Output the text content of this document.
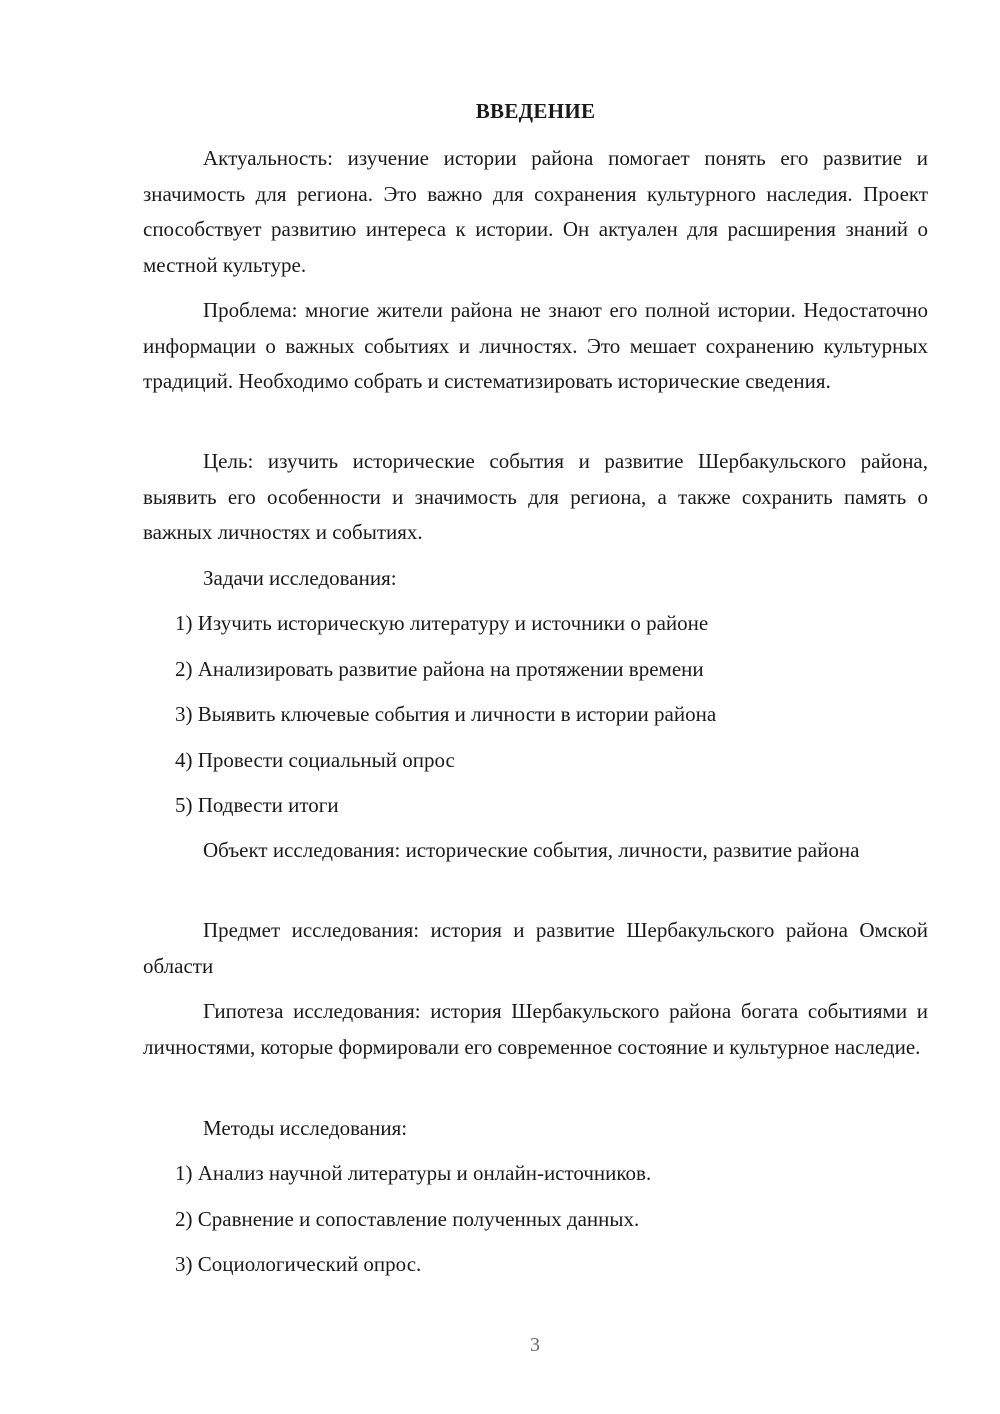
ВВЕДЕНИЕ

Актуальность: изучение истории района помогает понять его развитие и значимость для региона. Это важно для сохранения культурного наследия. Проект способствует развитию интереса к истории. Он актуален для расширения знаний о местной культуре.

Проблема: многие жители района не знают его полной истории. Недостаточно информации о важных событиях и личностях. Это мешает сохранению культурных традиций. Необходимо собрать и систематизировать исторические сведения.

Цель: изучить исторические события и развитие Шербакульского района, выявить его особенности и значимость для региона, а также сохранить память о важных личностях и событиях.

Задачи исследования:
1) Изучить историческую литературу и источники о районе
2) Анализировать развитие района на протяжении времени
3) Выявить ключевые события и личности в истории района
4) Провести социальный опрос
5) Подвести итоги

Объект исследования: исторические события, личности, развитие района

Предмет исследования: история и развитие Шербакульского района Омской области

Гипотеза исследования: история Шербакульского района богата событиями и личностями, которые формировали его современное состояние и культурное наследие.

Методы исследования:
1) Анализ научной литературы и онлайн-источников.
2) Сравнение и сопоставление полученных данных.
3) Социологический опрос.
3
